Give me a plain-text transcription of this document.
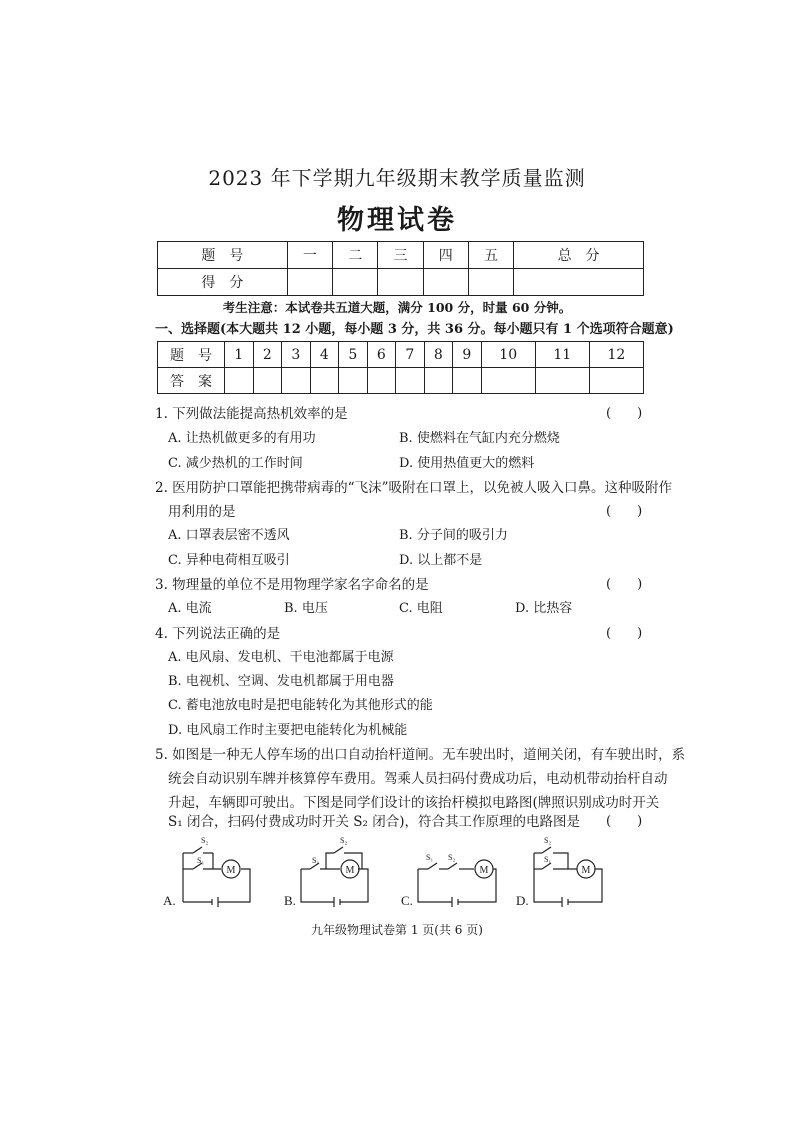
2023 年下学期九年级期末教学质量监测
物理试卷
题　号	一	二	三	四	五	总　分
得　分						
考生注意：本试卷共五道大题，满分 100 分，时量 60 分钟。
一、选择题(本大题共 12 小题，每小题 3 分，共 36 分。每小题只有 1 个选项符合题意)
题　号	1	2	3	4	5	6	7	8	9	10	11	12
答　案												
1. 下列做法能提高热机效率的是	(　　)
A. 让热机做更多的有用功	B. 使燃料在气缸内充分燃烧
C. 减少热机的工作时间	D. 使用热值更大的燃料
2. 医用防护口罩能把携带病毒的“飞沫”吸附在口罩上，以免被人吸入口鼻。这种吸附作
用利用的是	(　　)
A. 口罩表层密不透风	B. 分子间的吸引力
C. 异种电荷相互吸引	D. 以上都不是
3. 物理量的单位不是用物理学家名字命名的是	(　　)
A. 电流	B. 电压	C. 电阻	D. 比热容
4. 下列说法正确的是	(　　)
A. 电风扇、发电机、干电池都属于电源
B. 电视机、空调、发电机都属于用电器
C. 蓄电池放电时是把电能转化为其他形式的能
D. 电风扇工作时主要把电能转化为机械能
5. 如图是一种无人停车场的出口自动抬杆道闸。无车驶出时，道闸关闭，有车驶出时，系
统会自动识别车牌并核算停车费用。驾乘人员扫码付费成功后，电动机带动抬杆自动
升起，车辆即可驶出。下图是同学们设计的该抬杆模拟电路图(牌照识别成功时开关
S₁ 闭合，扫码付费成功时开关 S₂ 闭合)，符合其工作原理的电路图是 (　　)
A.
M
S₂
S₁
B.
M
S₂
S₁
C.
M
S₁ S₂
D.
M
S₂
S₁
九年级物理试卷第 1 页(共 6 页)
